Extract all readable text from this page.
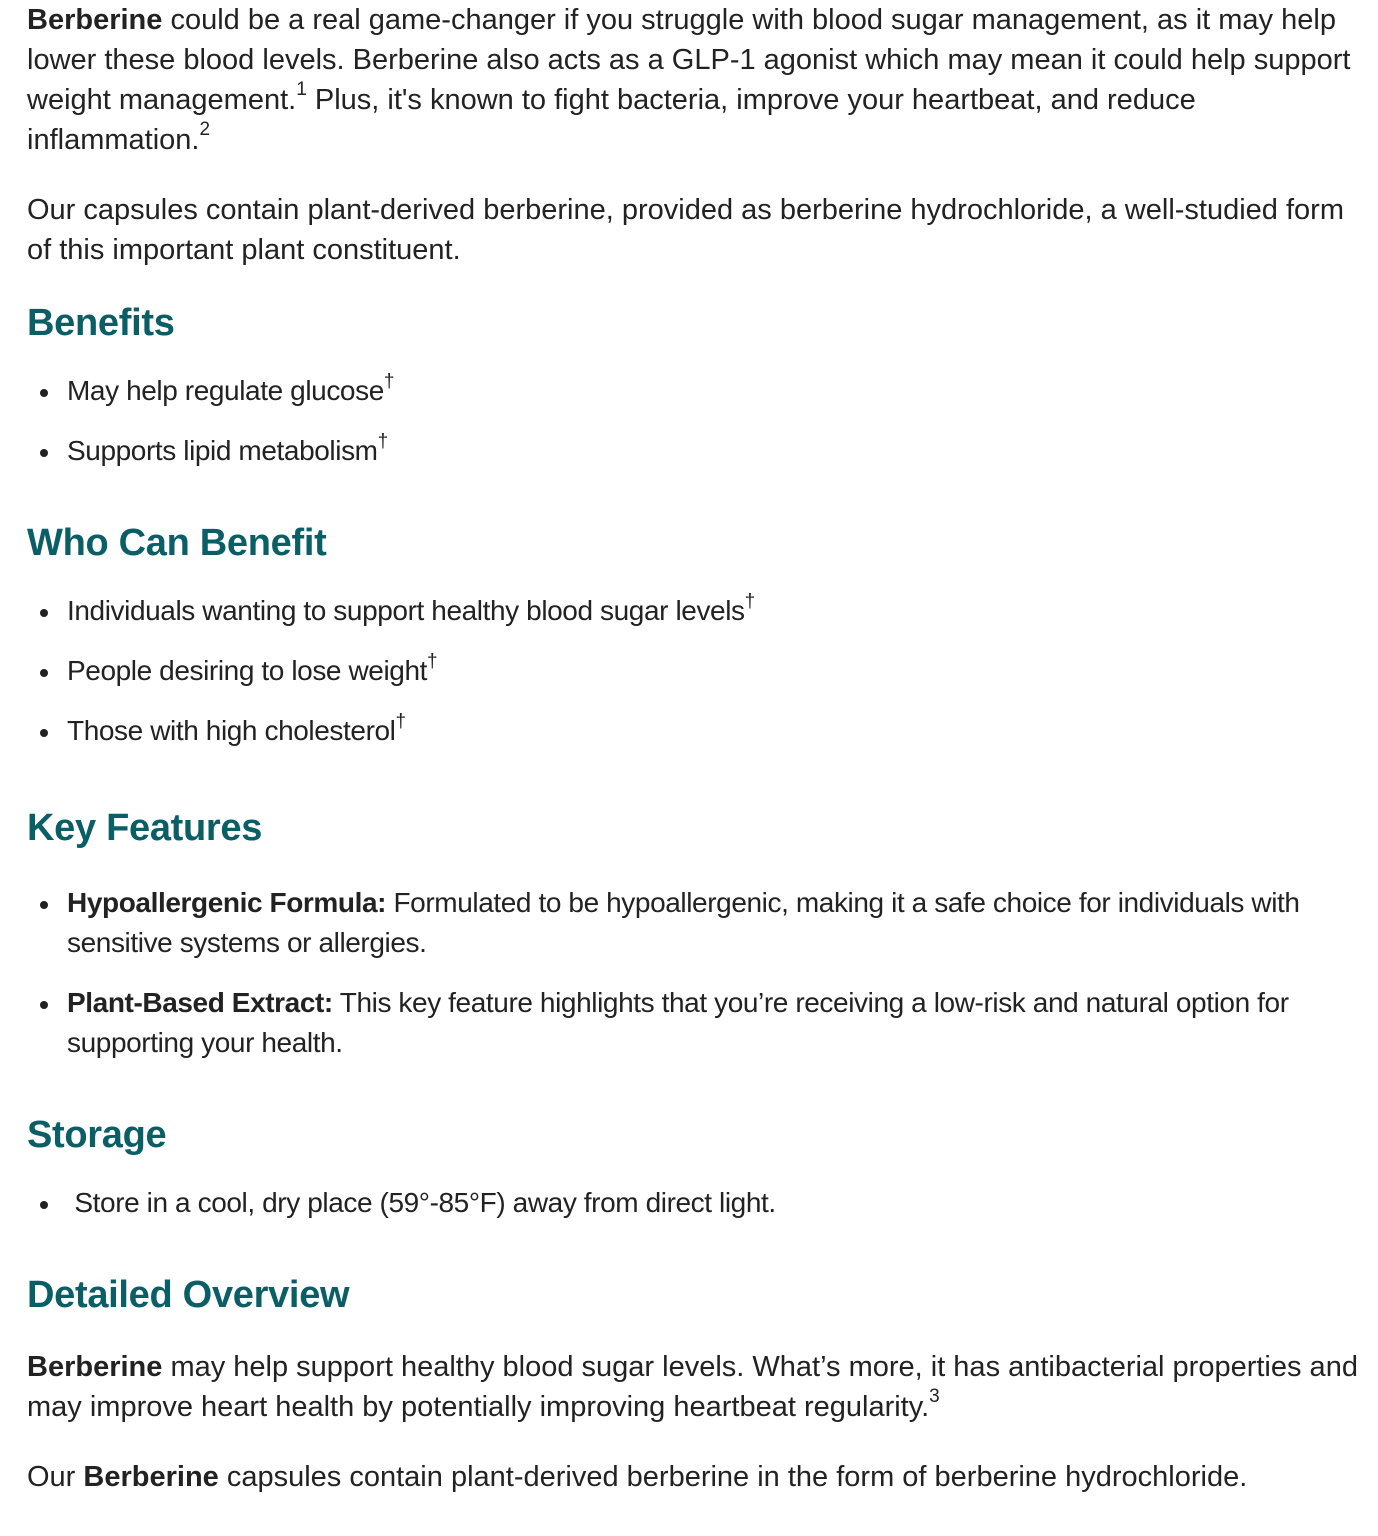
Berberine could be a real game-changer if you struggle with blood sugar management, as it may help lower these blood levels. Berberine also acts as a GLP-1 agonist which may mean it could help support weight management.$^1$ Plus, it's known to fight bacteria, improve your heartbeat, and reduce inflammation.$^2$

Our capsules contain plant-derived berberine, provided as berberine hydrochloride, a well-studied form of this important plant constituent.

Benefits
May help regulate glucose†
Supports lipid metabolism†
Who Can Benefit
Individuals wanting to support healthy blood sugar levels†
People desiring to lose weight†
Those with high cholesterol†
Key Features
Hypoallergenic Formula: Formulated to be hypoallergenic, making it a safe choice for individuals with sensitive systems or allergies.
Plant-Based Extract: This key feature highlights that you’re receiving a low-risk and natural option for supporting your health.
Storage
Store in a cool, dry place (59°-85°F) away from direct light.
Detailed Overview

Berberine may help support healthy blood sugar levels. What’s more, it has antibacterial properties and may improve heart health by potentially improving heartbeat regularity.$^3$

Our Berberine capsules contain plant-derived berberine in the form of berberine hydrochloride.
